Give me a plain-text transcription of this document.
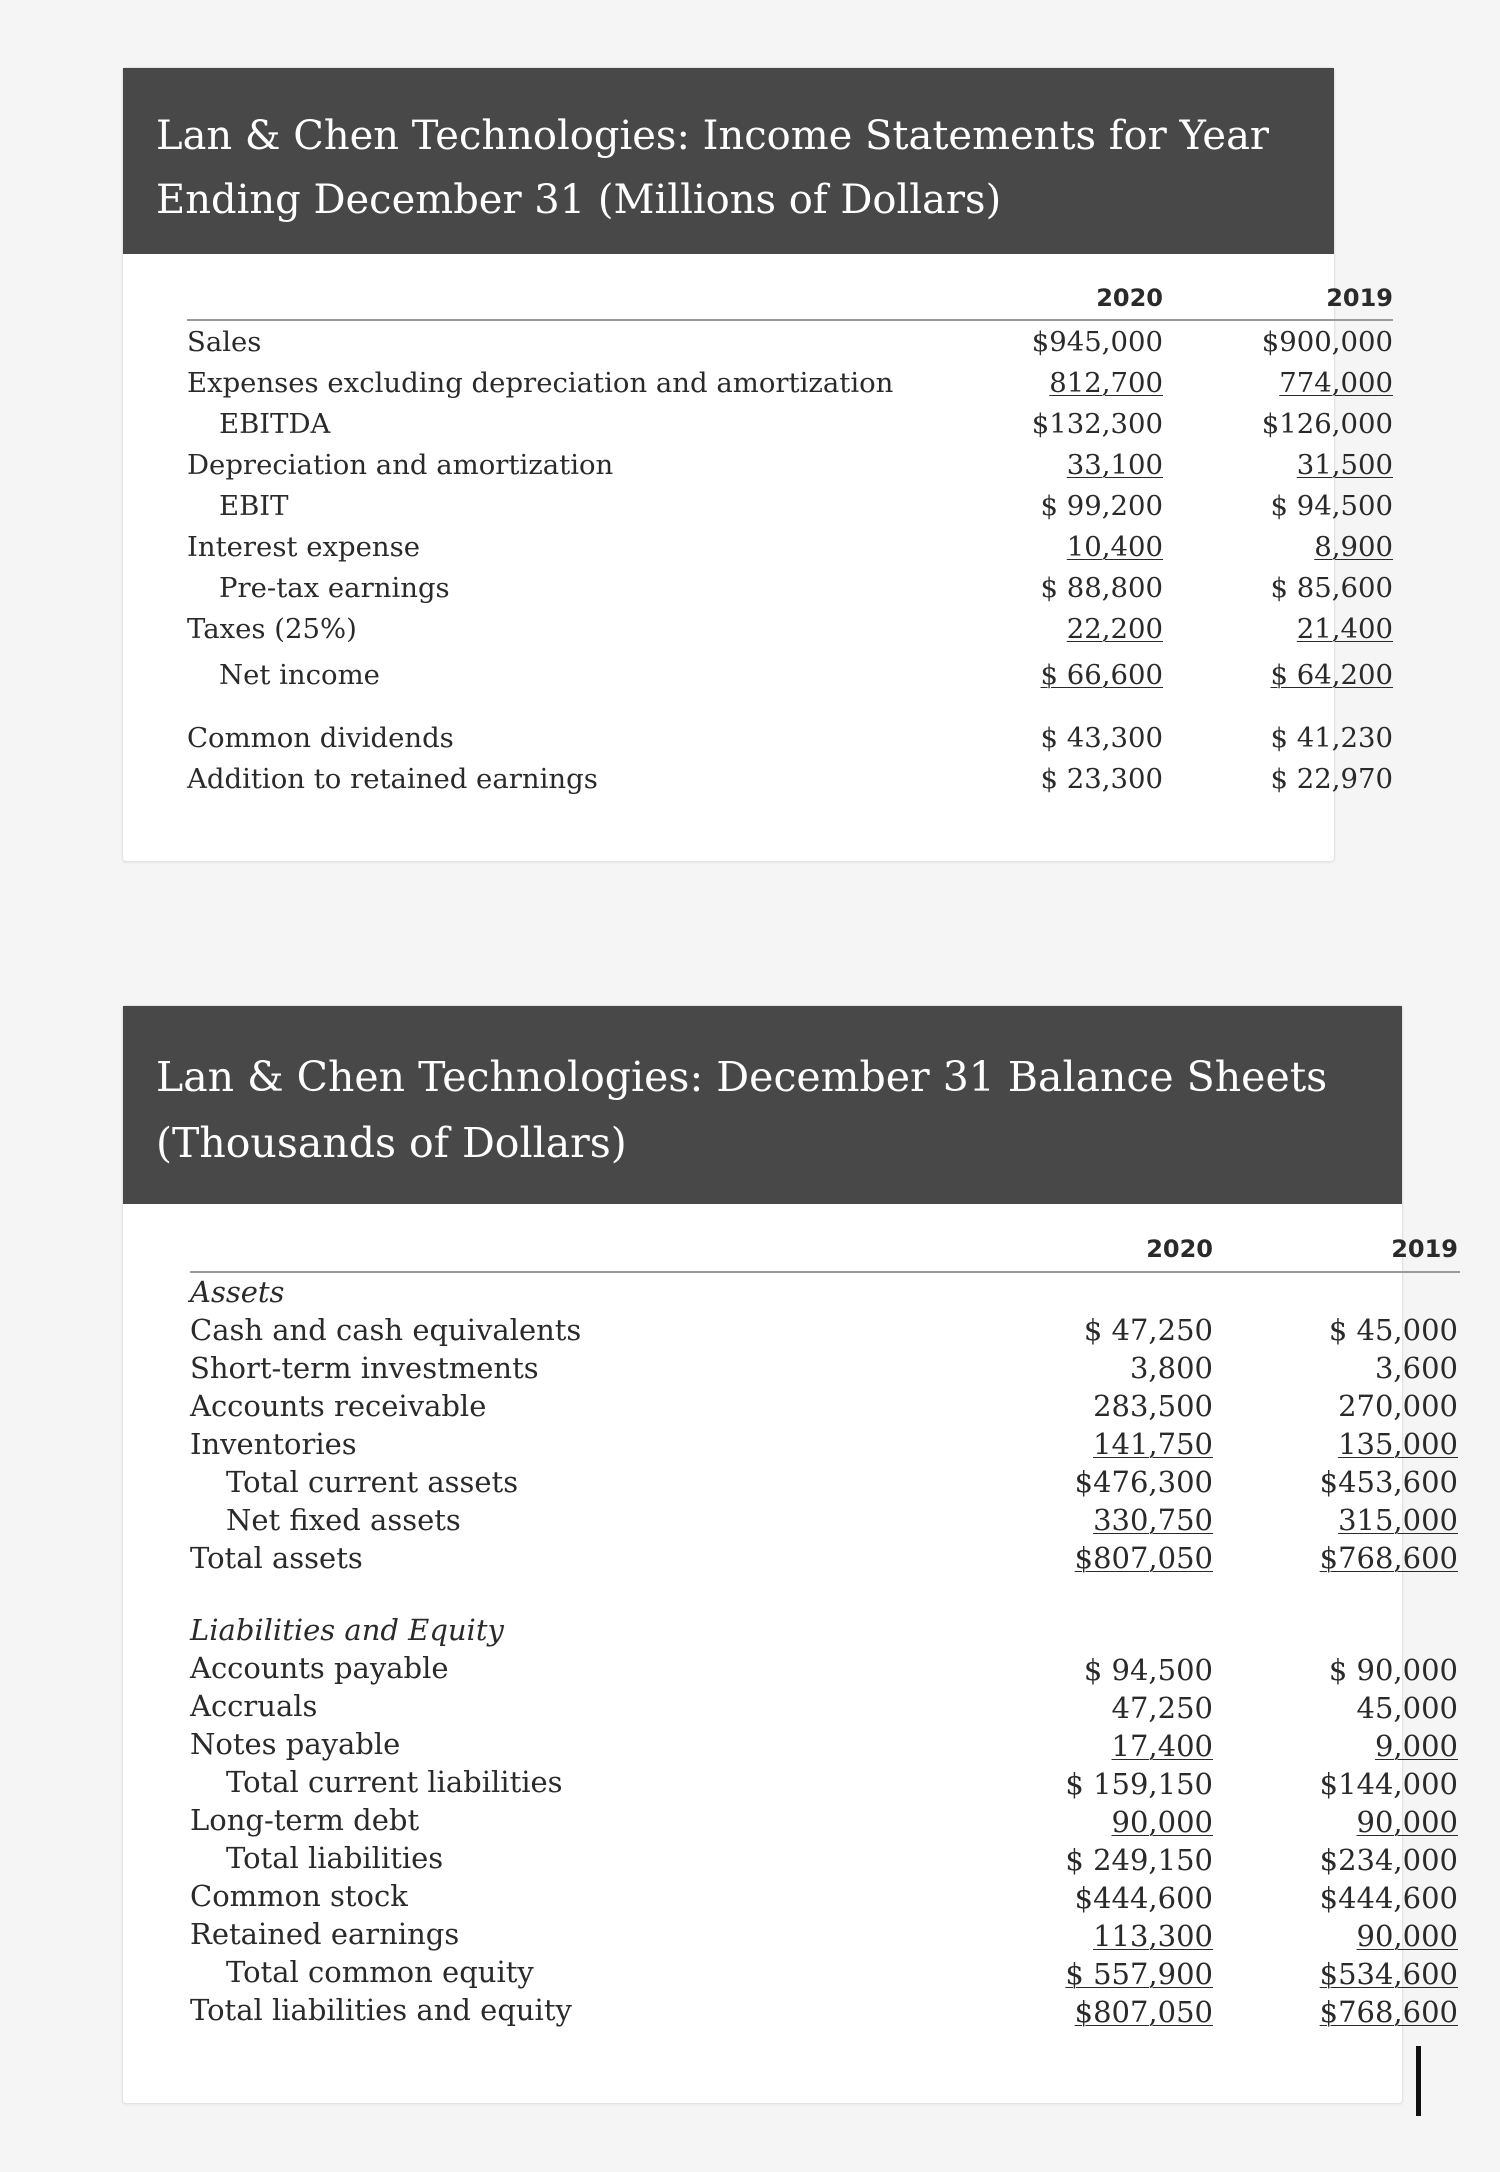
Lan & Chen Technologies: Income Statements for Year
Ending December 31 (Millions of Dollars)
2020	2019
Sales	$945,000	$900,000
Expenses excluding depreciation and amortization	812,700	774,000
EBITDA	$132,300	$126,000
Depreciation and amortization	33,100	31,500
EBIT	$ 99,200	$ 94,500
Interest expense	10,400	8,900
Pre-tax earnings	$ 88,800	$ 85,600
Taxes (25%)	22,200	21,400
Net income	$ 66,600	$ 64,200
Common dividends	$ 43,300	$ 41,230
Addition to retained earnings	$ 23,300	$ 22,970
Lan & Chen Technologies: December 31 Balance Sheets
(Thousands of Dollars)
2020	2019
Assets
Cash and cash equivalents	$ 47,250	$ 45,000
Short-term investments	3,800	3,600
Accounts receivable	283,500	270,000
Inventories	141,750	135,000
Total current assets	$476,300	$453,600
Net fixed assets	330,750	315,000
Total assets	$807,050	$768,600
Liabilities and Equity
Accounts payable	$ 94,500	$ 90,000
Accruals	47,250	45,000
Notes payable	17,400	9,000
Total current liabilities	$ 159,150	$144,000
Long-term debt	90,000	90,000
Total liabilities	$ 249,150	$234,000
Common stock	$444,600	$444,600
Retained earnings	113,300	90,000
Total common equity	$ 557,900	$534,600
Total liabilities and equity	$807,050	$768,600
